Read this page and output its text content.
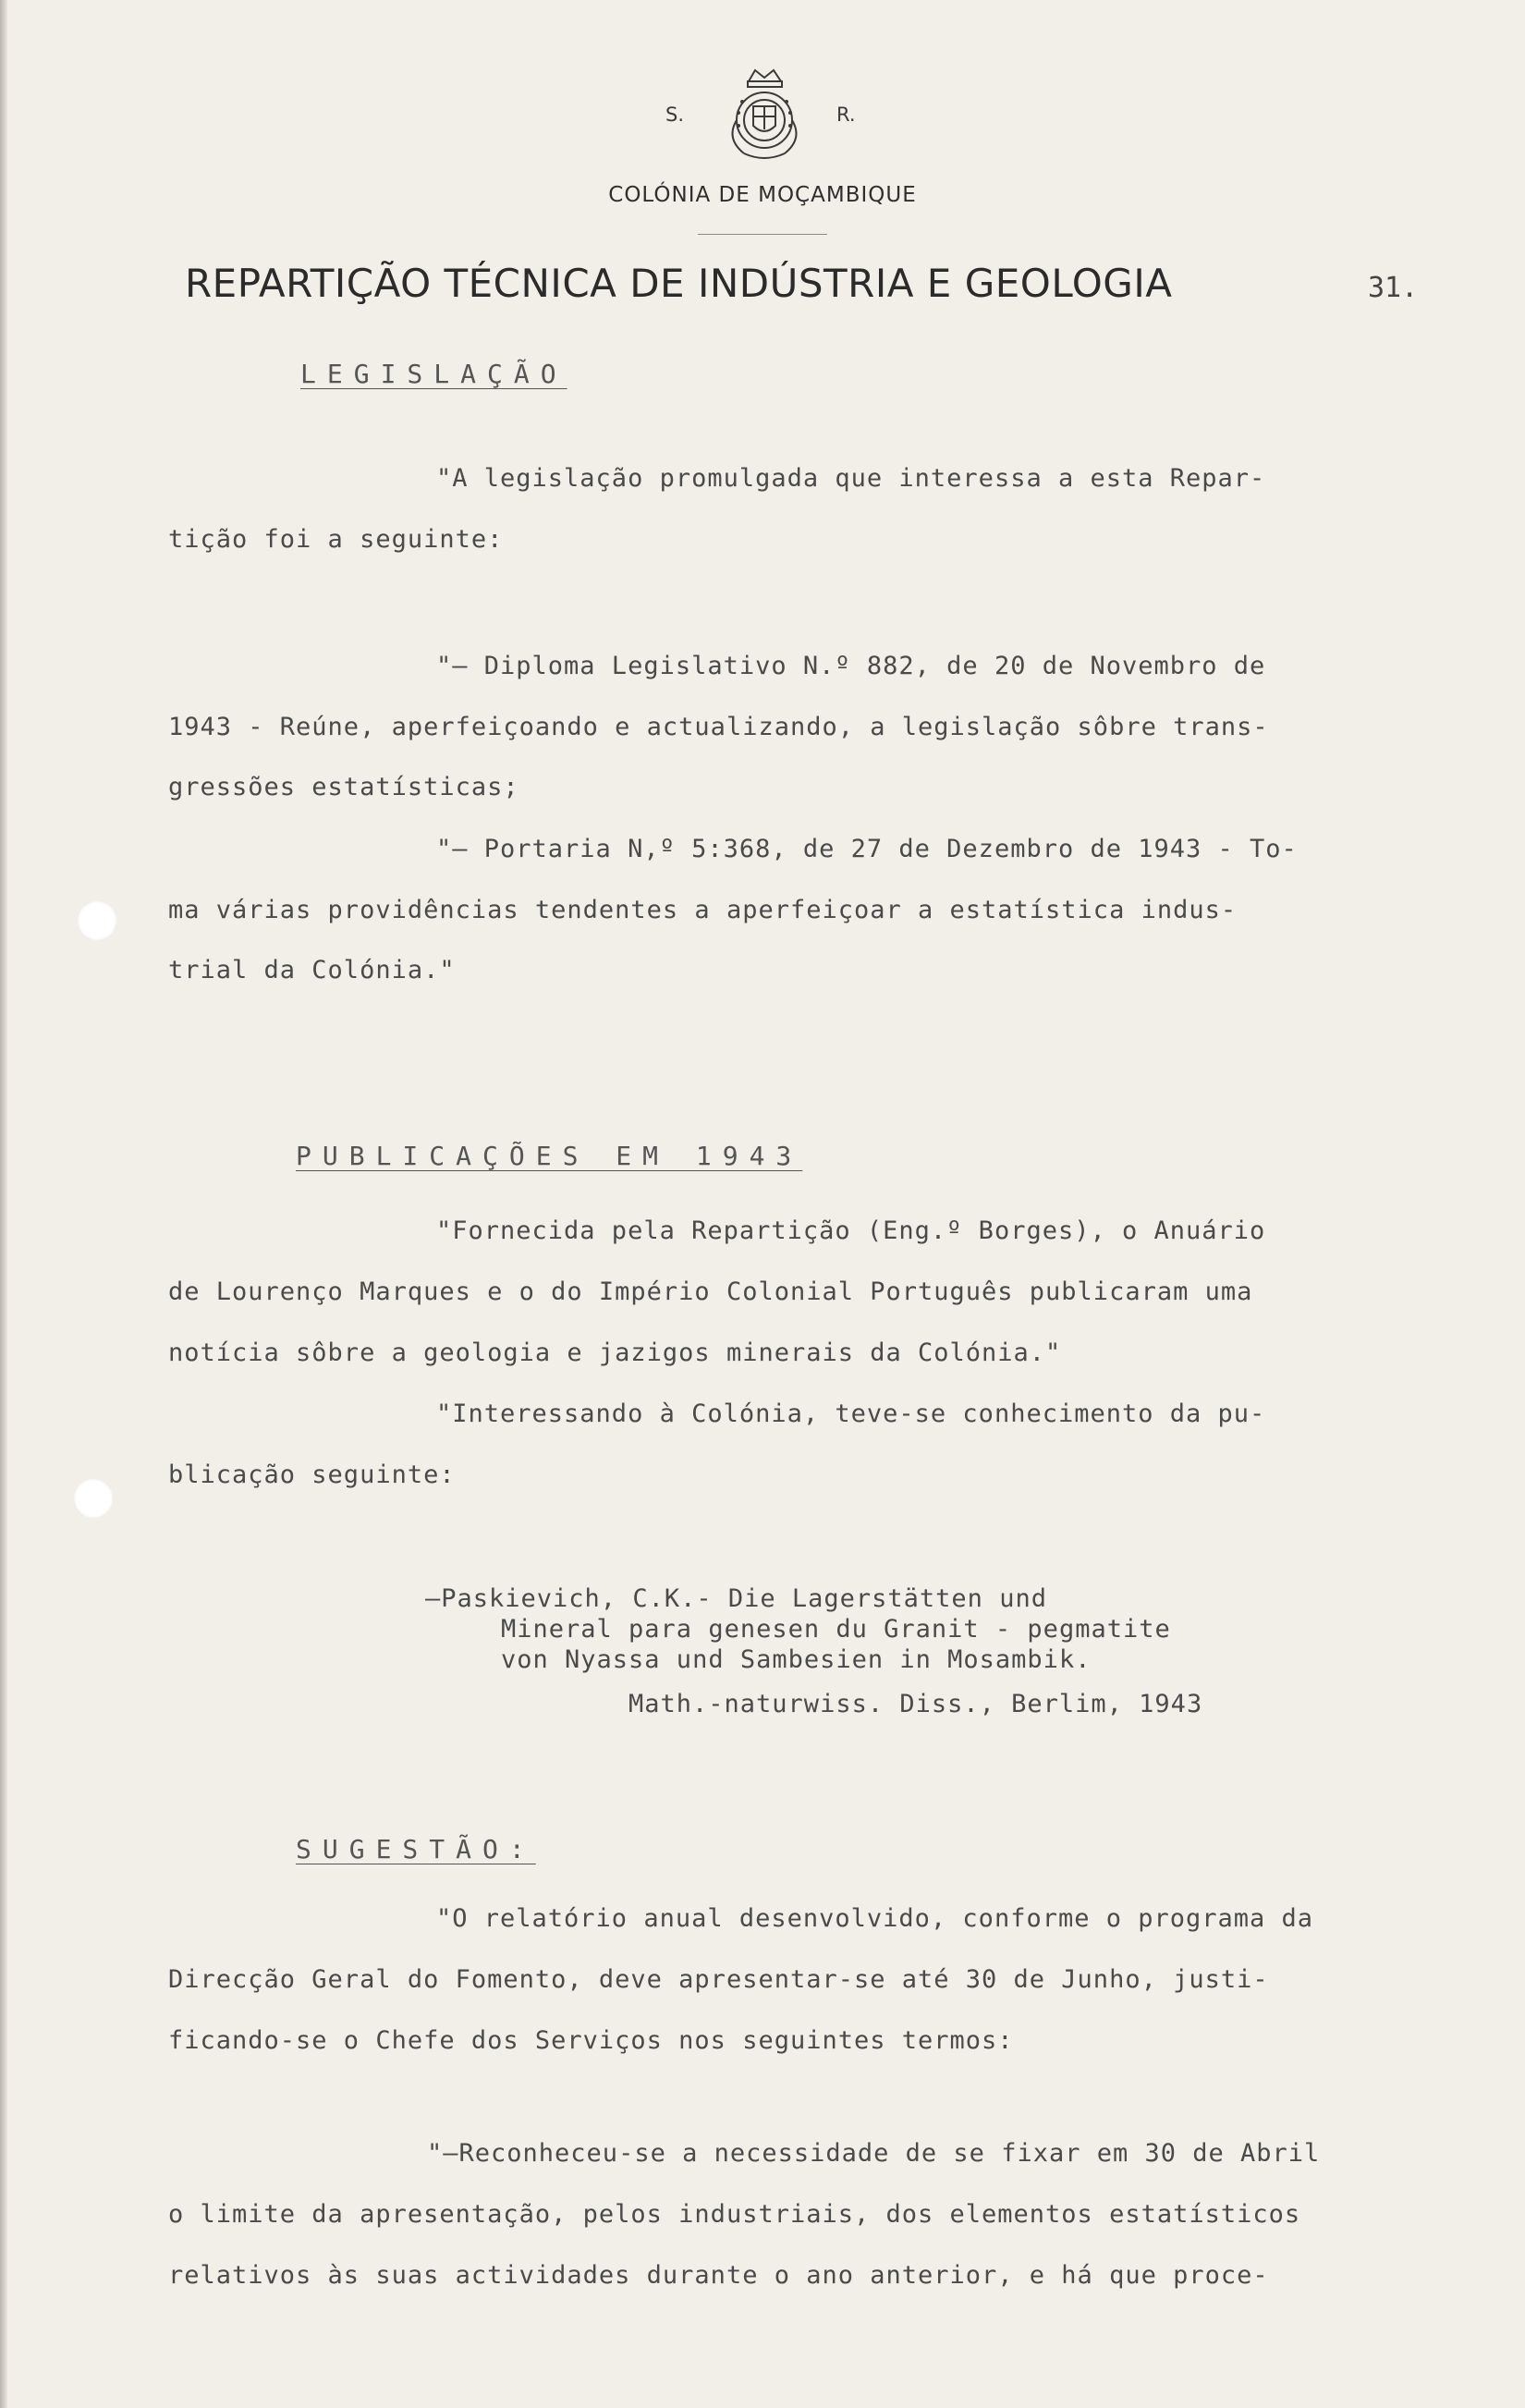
S.	R.
COLÓNIA DE MOÇAMBIQUE
REPARTIÇÃO TÉCNICA DE INDÚSTRIA E GEOLOGIA	31.
LEGISLAÇÃO
"A legislação promulgada que interessa a esta Repar-
tição foi a seguinte:
"— Diploma Legislativo N.º 882, de 20 de Novembro de
1943 - Reúne, aperfeiçoando e actualizando, a legislação sôbre trans-
gressões estatísticas;
"— Portaria N,º 5:368, de 27 de Dezembro de 1943 - To-
ma várias providências tendentes a aperfeiçoar a estatística indus-
trial da Colónia."
PUBLICAÇÕES EM 1943
"Fornecida pela Repartição (Eng.º Borges), o Anuário
de Lourenço Marques e o do Império Colonial Português publicaram uma
notícia sôbre a geologia e jazigos minerais da Colónia."
"Interessando à Colónia, teve-se conhecimento da pu-
blicação seguinte:
—Paskievich, C.K.- Die Lagerstätten und
Mineral para genesen du Granit - pegmatite
von Nyassa und Sambesien in Mosambik.
Math.-naturwiss. Diss., Berlim, 1943
SUGESTÃO:
"O relatório anual desenvolvido, conforme o programa da
Direcção Geral do Fomento, deve apresentar-se até 30 de Junho, justi-
ficando-se o Chefe dos Serviços nos seguintes termos:
"—Reconheceu-se a necessidade de se fixar em 30 de Abril
o limite da apresentação, pelos industriais, dos elementos estatísticos
relativos às suas actividades durante o ano anterior, e há que proce-
